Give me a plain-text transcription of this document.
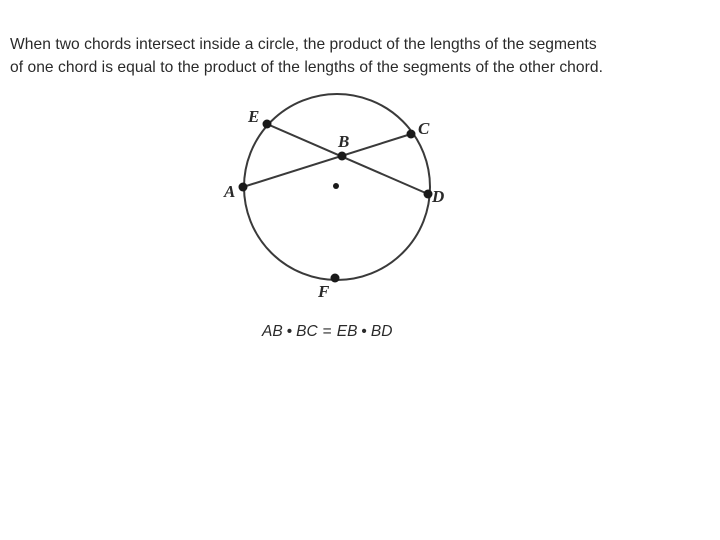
When two chords intersect inside a circle, the product of the lengths of the segments
of one chord is equal to the product of the lengths of the segments of the other chord.

E
C
B
A	D
F

AB • BC = EB • BD
